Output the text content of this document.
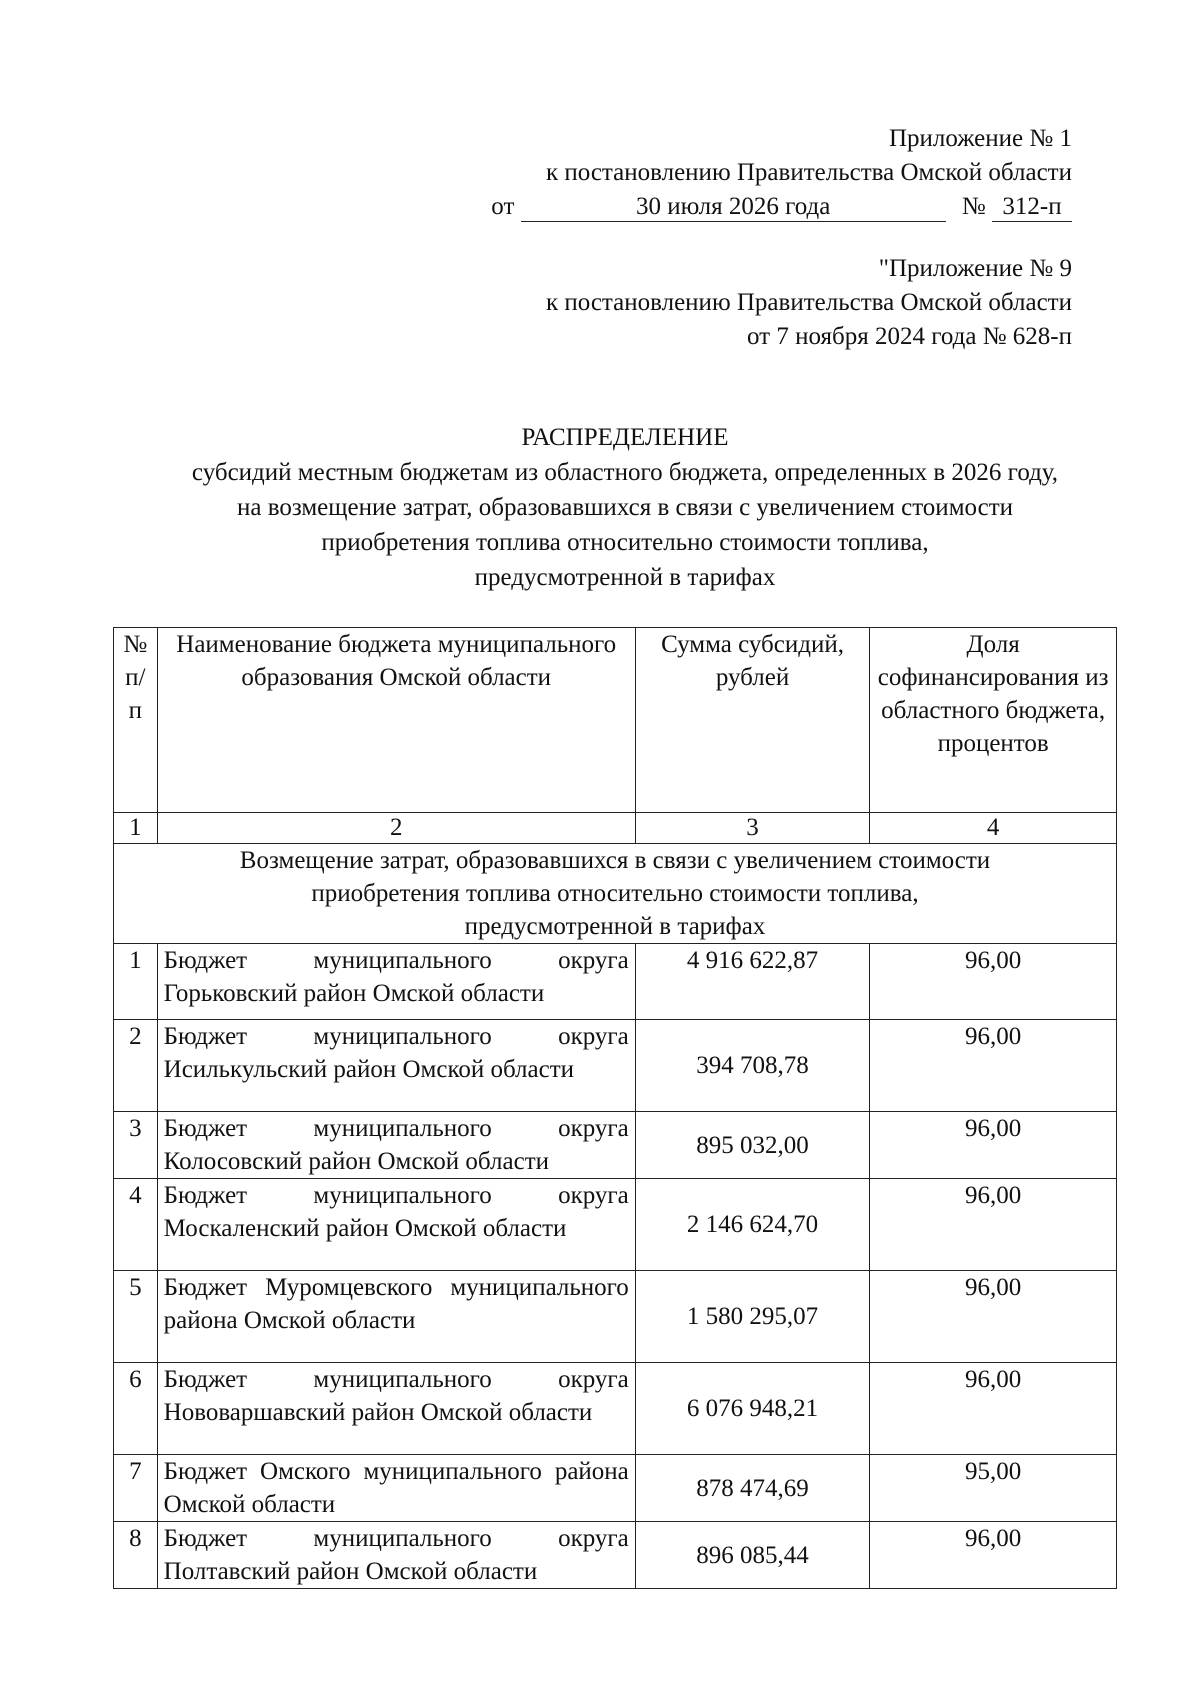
Приложение № 1
к постановлению Правительства Омской области
от	30 июля 2026 года	№ 312-п
"Приложение № 9
к постановлению Правительства Омской области
от 7 ноября 2024 года № 628-п
РАСПРЕДЕЛЕНИЕ
субсидий местным бюджетам из областного бюджета, определенных в 2026 году,
на возмещение затрат, образовавшихся в связи с увеличением стоимости
приобретения топлива относительно стоимости топлива,
предусмотренной в тарифах
№ п/п	Наименование бюджета муниципального образования Омской области	Сумма субсидий, рублей	Доля софинансирования из областного бюджета, процентов
1	2	3	4

Возмещение затрат, образовавшихся в связи с увеличением стоимости
приобретения топлива относительно стоимости топлива,
предусмотренной в тарифах			

1	Бюджет муниципального округа Горьковский район Омской области	4 916 622,87	96,00
2	Бюджет муниципального округа Исилькульский район Омской области	394 708,78	96,00
3	Бюджет муниципального округа Колосовский район Омской области	895 032,00	96,00
4	Бюджет муниципального округа Москаленский район Омской области	2 146 624,70	96,00
5	Бюджет Муромцевского муниципального района Омской области	1 580 295,07	96,00
6	Бюджет муниципального округа Нововаршавский район Омской области	6 076 948,21	96,00
7	Бюджет Омского муниципального района Омской области	878 474,69	95,00
8	Бюджет муниципального округа Полтавский район Омской области	896 085,44	96,00
